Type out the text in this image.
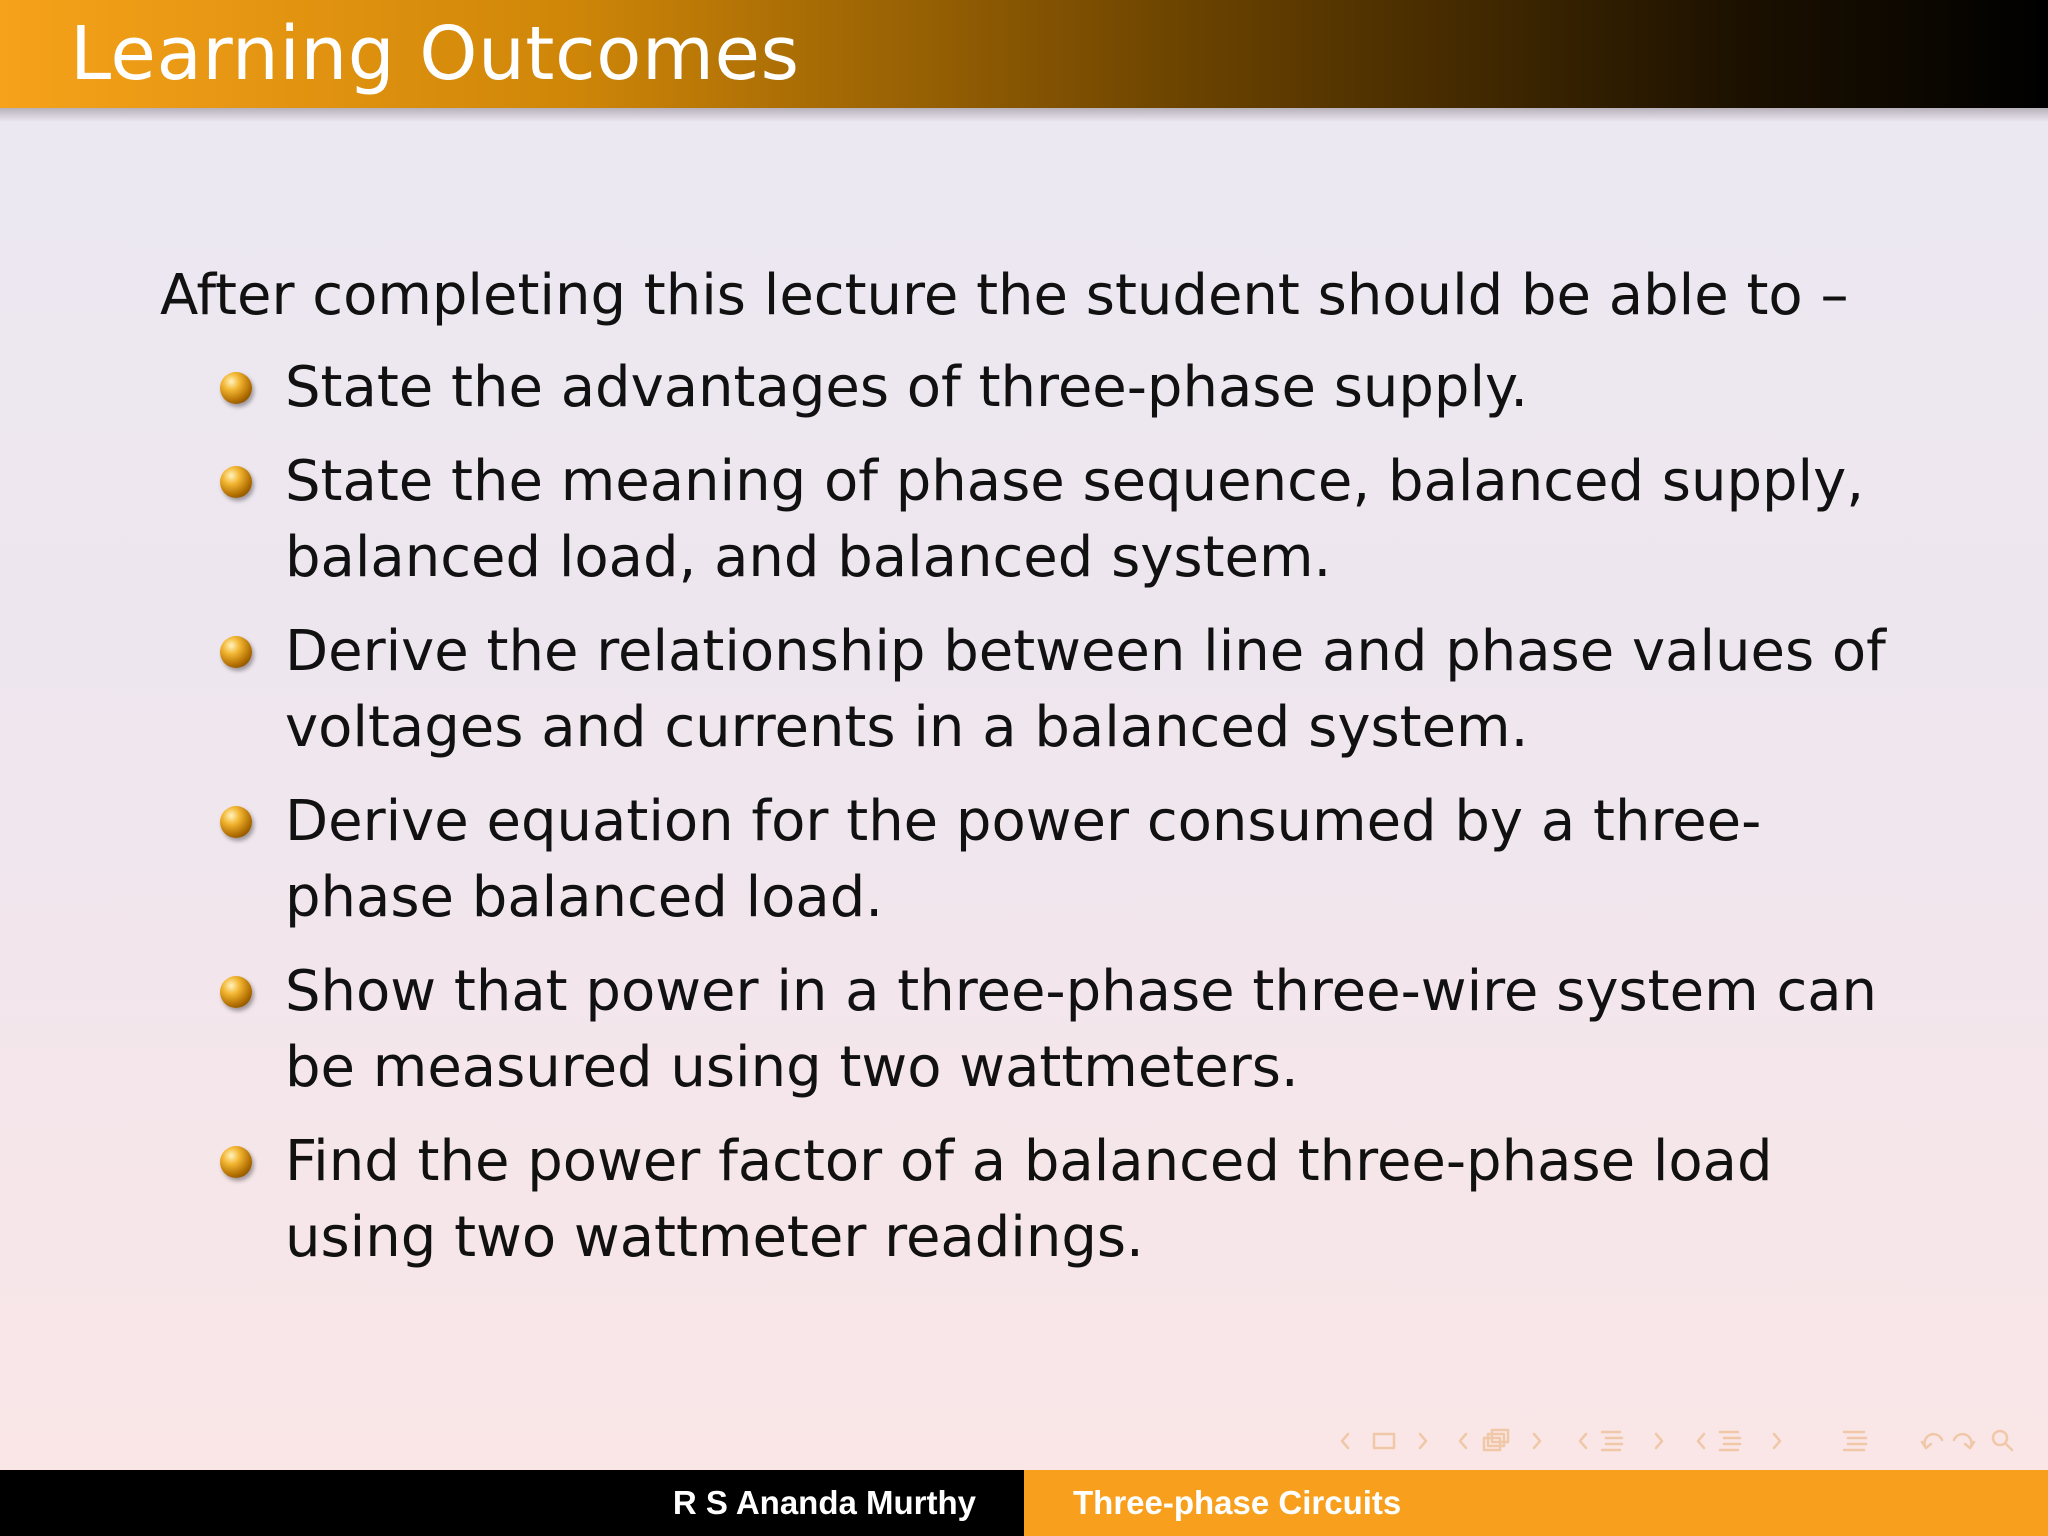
Learning Outcomes
After completing this lecture the student should be able to –
State the advantages of three-phase supply.
State the meaning of phase sequence, balanced supply, balanced load, and balanced system.
Derive the relationship between line and phase values of voltages and currents in a balanced system.
Derive equation for the power consumed by a three-phase balanced load.
Show that power in a three-phase three-wire system can be measured using two wattmeters.
Find the power factor of a balanced three-phase load using two wattmeter readings.
R S Ananda Murthy	Three-phase Circuits
